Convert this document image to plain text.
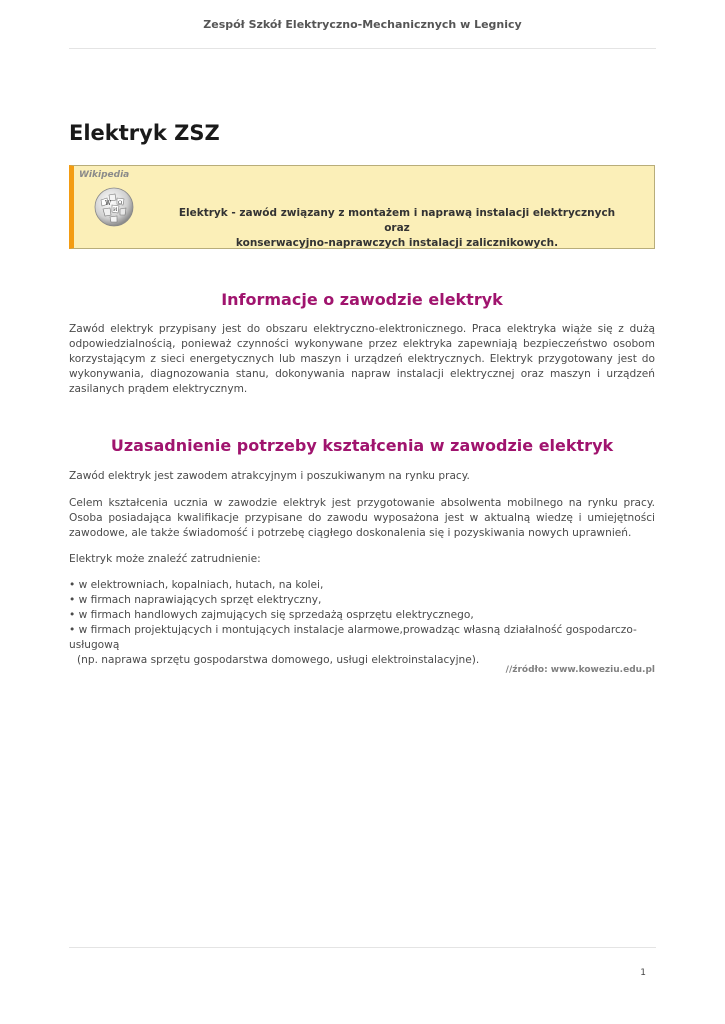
Zespół Szkół Elektryczno-Mechanicznych w Legnicy
Elektryk ZSZ
Wikipedia
W Ω
И	Elektryk - zawód związany z montażem i naprawą instalacji elektrycznych oraz
konserwacyjno-naprawczych instalacji zalicznikowych.
Informacje o zawodzie elektryk

Zawód elektryk przypisany jest do obszaru elektryczno-elektronicznego. Praca elektryka wiąże się z dużą odpowiedzialnością, ponieważ czynności wykonywane przez elektryka zapewniają bezpieczeństwo osobom korzystającym z sieci energetycznych lub maszyn i urządzeń elektrycznych. Elektryk przygotowany jest do wykonywania, diagnozowania stanu, dokonywania napraw instalacji elektrycznej oraz maszyn i urządzeń zasilanych prądem elektrycznym.

Uzasadnienie potrzeby kształcenia w zawodzie elektryk

Zawód elektryk jest zawodem atrakcyjnym i poszukiwanym na rynku pracy.

Celem kształcenia ucznia w zawodzie elektryk jest przygotowanie absolwenta mobilnego na rynku pracy. Osoba posiadająca kwalifikacje przypisane do zawodu wyposażona jest w aktualną wiedzę i umiejętności zawodowe, ale także świadomość i potrzebę ciągłego doskonalenia się i pozyskiwania nowych uprawnień.

Elektryk może znaleźć zatrudnienie:

• w elektrowniach, kopalniach, hutach, na kolei,
• w firmach naprawiających sprzęt elektryczny,
• w firmach handlowych zajmujących się sprzedażą osprzętu elektrycznego,
• w firmach projektujących i montujących instalacje alarmowe,prowadząc własną działalność gospodarczo-usługową
(np. naprawa sprzętu gospodarstwa domowego, usługi elektroinstalacyjne).
//źródło: www.koweziu.edu.pl
1
